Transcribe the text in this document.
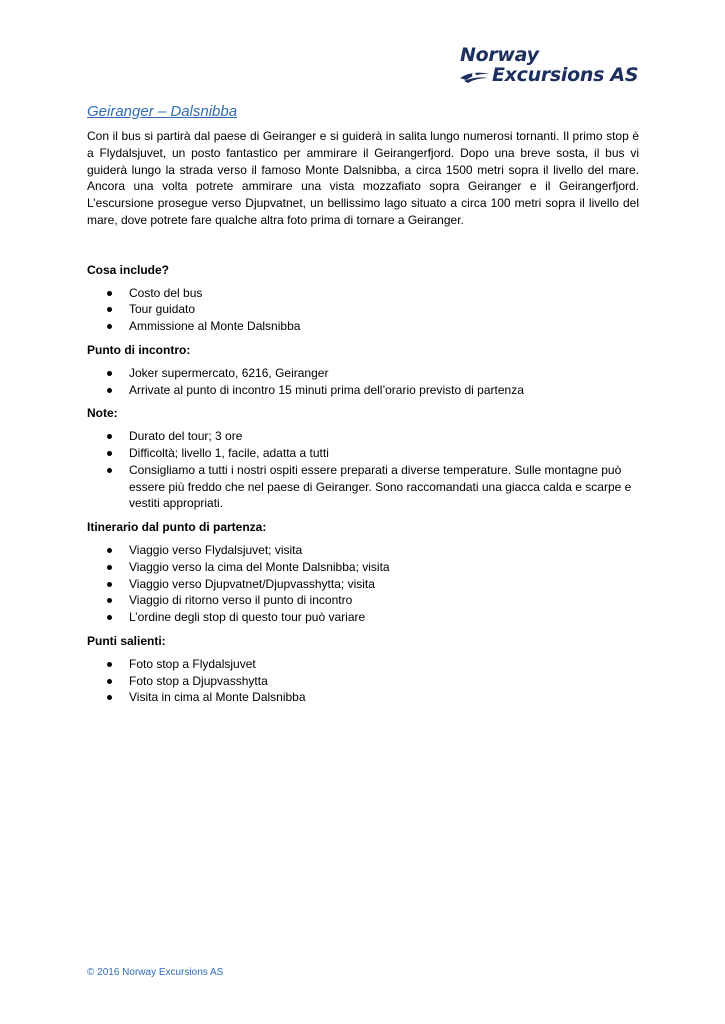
Norway
Excursions AS
Geiranger – Dalsnibba

Con il bus si partirà dal paese di Geiranger e si guiderà in salita lungo numerosi tornanti. Il primo stop è a Flydalsjuvet, un posto fantastico per ammirare il Geirangerfjord. Dopo una breve sosta, il bus vi guiderà lungo la strada verso il famoso Monte Dalsnibba, a circa 1500 metri sopra il livello del mare. Ancora una volta potrete ammirare una vista mozzafiato sopra Geiranger e il Geirangerfjord. L’escursione prosegue verso Djupvatnet, un bellissimo lago situato a circa 100 metri sopra il livello del mare, dove potrete fare qualche altra foto prima di tornare a Geiranger.

Cosa include?
Costo del bus
Tour guidato
Ammissione al Monte Dalsnibba
Punto di incontro:
Joker supermercato, 6216, Geiranger
Arrivate al punto di incontro 15 minuti prima dell’orario previsto di partenza
Note:
Durato del tour; 3 ore
Difficoltà; livello 1, facile, adatta a tutti
Consigliamo a tutti i nostri ospiti essere preparati a diverse temperature. Sulle montagne può essere più freddo che nel paese di Geiranger. Sono raccomandati una giacca calda e scarpe e vestiti appropriati.
Itinerario dal punto di partenza:
Viaggio verso Flydalsjuvet; visita
Viaggio verso la cima del Monte Dalsnibba; visita
Viaggio verso Djupvatnet/Djupvasshytta; visita
Viaggio di ritorno verso il punto di incontro
L’ordine degli stop di questo tour può variare
Punti salienti:
Foto stop a Flydalsjuvet
Foto stop a Djupvasshytta
Visita in cima al Monte Dalsnibba
© 2016 Norway Excursions AS
